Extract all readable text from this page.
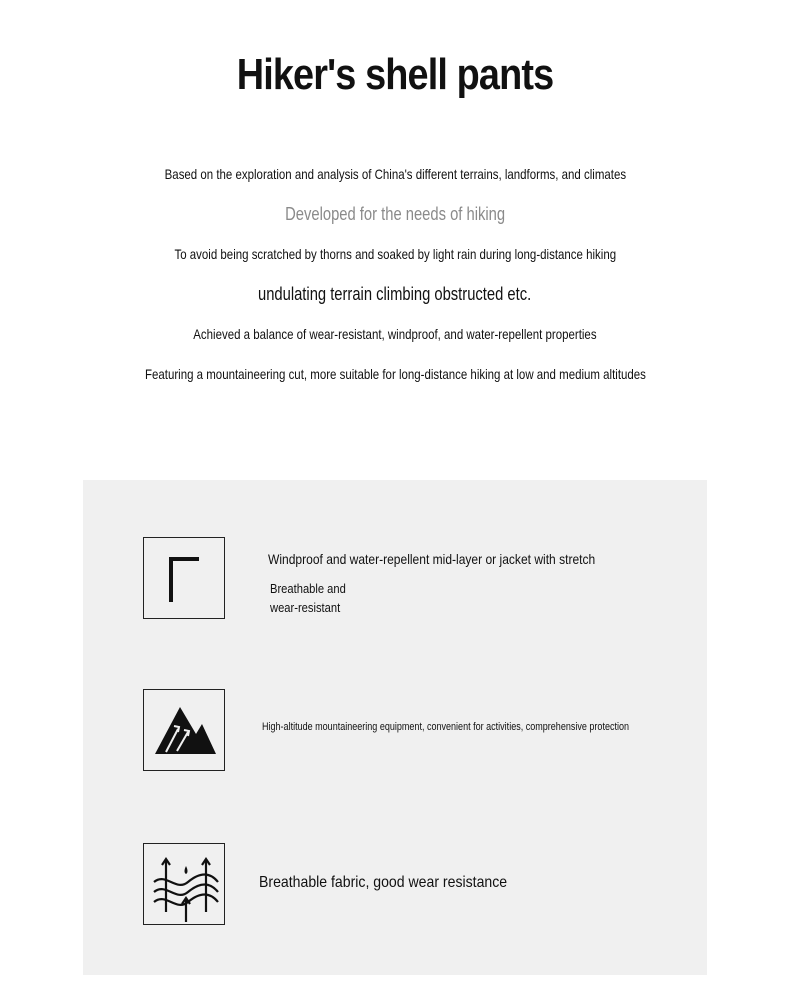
Hiker's shell pants
Based on the exploration and analysis of China's different terrains, landforms, and climates
Developed for the needs of hiking
To avoid being scratched by thorns and soaked by light rain during long-distance hiking
undulating terrain climbing obstructed etc.
Achieved a balance of wear-resistant, windproof, and water-repellent properties
Featuring a mountaineering cut, more suitable for long-distance hiking at low and medium altitudes
Windproof and water-repellent mid-layer or jacket with stretch
Breathable and
wear-resistant
High-altitude mountaineering equipment, convenient for activities, comprehensive protection
Breathable fabric, good wear resistance
